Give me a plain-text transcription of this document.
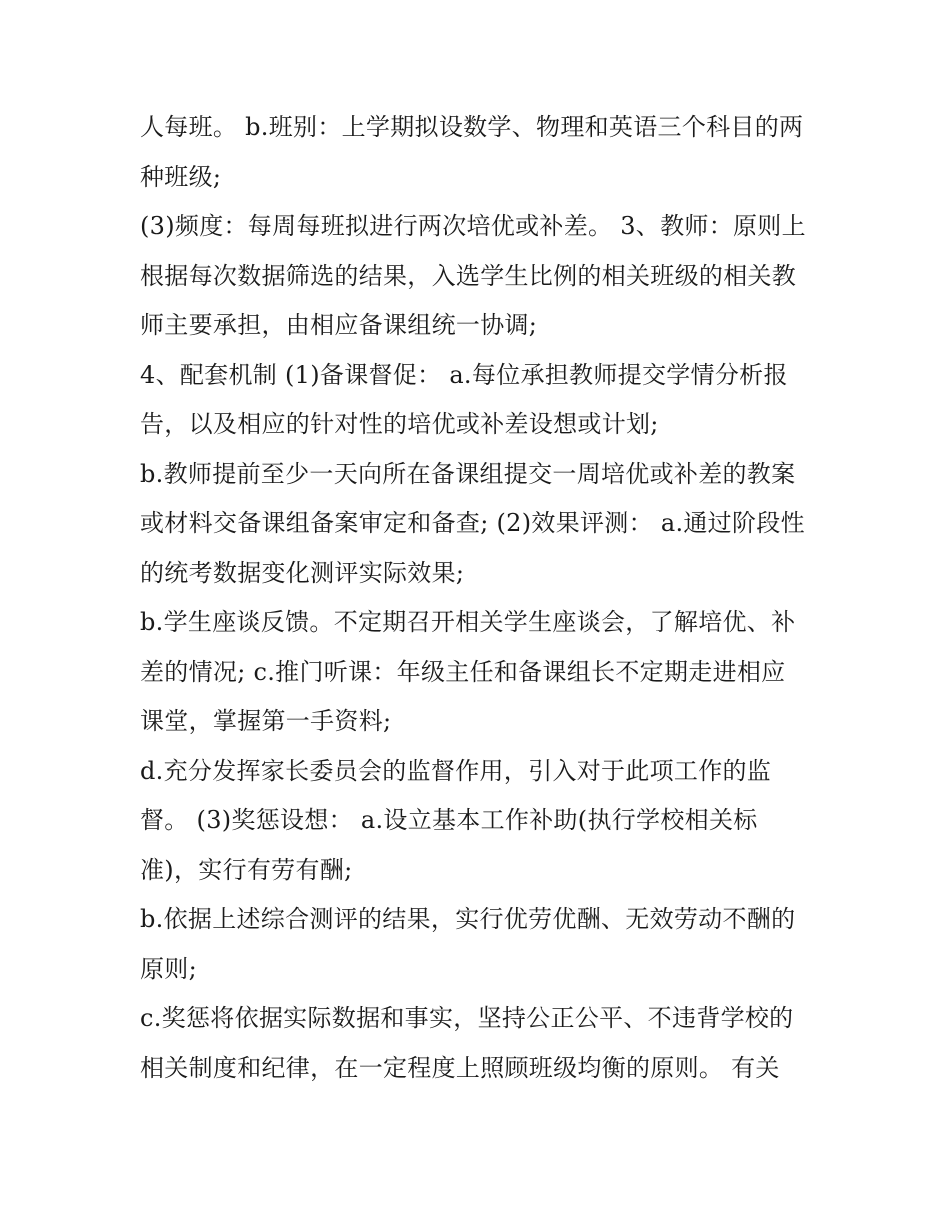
人每班。 b.班别：上学期拟设数学、物理和英语三个科目的两
种班级;
(3)频度：每周每班拟进行两次培优或补差。 3、教师：原则上
根据每次数据筛选的结果，入选学生比例的相关班级的相关教
师主要承担，由相应备课组统一协调;
4、配套机制 (1)备课督促： a.每位承担教师提交学情分析报
告，以及相应的针对性的培优或补差设想或计划;
b.教师提前至少一天向所在备课组提交一周培优或补差的教案
或材料交备课组备案审定和备查; (2)效果评测： a.通过阶段性
的统考数据变化测评实际效果;
b.学生座谈反馈。不定期召开相关学生座谈会，了解培优、补
差的情况; c.推门听课：年级主任和备课组长不定期走进相应
课堂，掌握第一手资料;
d.充分发挥家长委员会的监督作用，引入对于此项工作的监
督。 (3)奖惩设想： a.设立基本工作补助(执行学校相关标
准)，实行有劳有酬;
b.依据上述综合测评的结果，实行优劳优酬、无效劳动不酬的
原则;
c.奖惩将依据实际数据和事实，坚持公正公平、不违背学校的
相关制度和纪律，在一定程度上照顾班级均衡的原则。 有关
